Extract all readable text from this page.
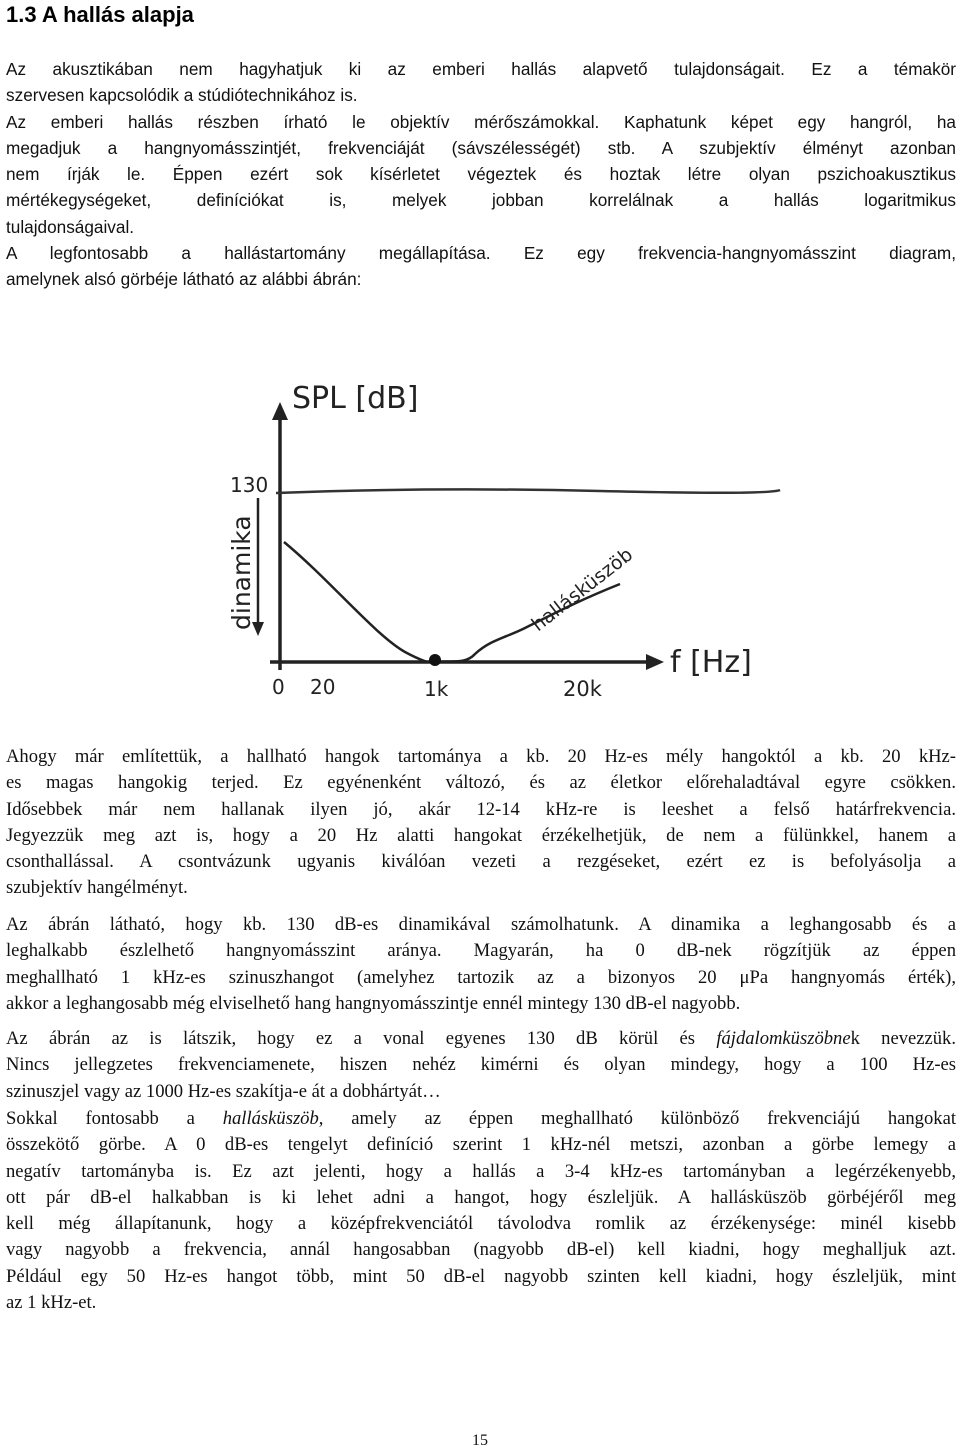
1.3 A hallás alapja
Az akusztikában nem hagyhatjuk ki az emberi hallás alapvető tulajdonságait. Ez a témakör
szervesen kapcsolódik a stúdiótechnikához is.
Az emberi hallás részben írható le objektív mérőszámokkal. Kaphatunk képet egy hangról, ha
megadjuk a hangnyomásszintjét, frekvenciáját (sávszélességét) stb. A szubjektív élményt azonban
nem írják le. Éppen ezért sok kísérletet végeztek és hoztak létre olyan pszichoakusztikus
mértékegységeket, definíciókat is, melyek jobban korrelálnak a hallás logaritmikus
tulajdonságaival.
A legfontosabb a hallástartomány megállapítása. Ez egy frekvencia-hangnyomásszint diagram,
amelynek alsó görbéje látható az alábbi ábrán:
SPL [dB]
130
dinamika
f [Hz]
0 20	1k	20k
hallásküszöb
Ahogy már említettük, a hallható hangok tartománya a kb. 20 Hz-es mély hangoktól a kb. 20 kHz-
es magas hangokig terjed. Ez egyénenként változó, és az életkor előrehaladtával egyre csökken.
Idősebbek már nem hallanak ilyen jó, akár 12-14 kHz-re is leeshet a felső határfrekvencia.
Jegyezzük meg azt is, hogy a 20 Hz alatti hangokat érzékelhetjük, de nem a fülünkkel, hanem a
csonthallással. A csontvázunk ugyanis kiválóan vezeti a rezgéseket, ezért ez is befolyásolja a
szubjektív hangélményt.
Az ábrán látható, hogy kb. 130 dB-es dinamikával számolhatunk. A dinamika a leghangosabb és a
leghalkabb észlelhető hangnyomásszint aránya. Magyarán, ha 0 dB-nek rögzítjük az éppen
meghallható 1 kHz-es szinuszhangot (amelyhez tartozik az a bizonyos 20 μPa hangnyomás érték),
akkor a leghangosabb még elviselhető hang hangnyomásszintje ennél mintegy 130 dB-el nagyobb.
Az ábrán az is látszik, hogy ez a vonal egyenes 130 dB körül és fájdalomküszöbnek nevezzük.
Nincs jellegzetes frekvenciamenete, hiszen nehéz kimérni és olyan mindegy, hogy a 100 Hz-es
szinuszjel vagy az 1000 Hz-es szakítja-e át a dobhártyát…
Sokkal fontosabb a hallásküszöb, amely az éppen meghallható különböző frekvenciájú hangokat
összekötő görbe. A 0 dB-es tengelyt definíció szerint 1 kHz-nél metszi, azonban a görbe lemegy a
negatív tartományba is. Ez azt jelenti, hogy a hallás a 3-4 kHz-es tartományban a legérzékenyebb,
ott pár dB-el halkabban is ki lehet adni a hangot, hogy észleljük. A hallásküszöb görbéjéről meg
kell még állapítanunk, hogy a középfrekvenciától távolodva romlik az érzékenysége: minél kisebb
vagy nagyobb a frekvencia, annál hangosabban (nagyobb dB-el) kell kiadni, hogy meghalljuk azt.
Például egy 50 Hz-es hangot több, mint 50 dB-el nagyobb szinten kell kiadni, hogy észleljük, mint
az 1 kHz-et.
15
